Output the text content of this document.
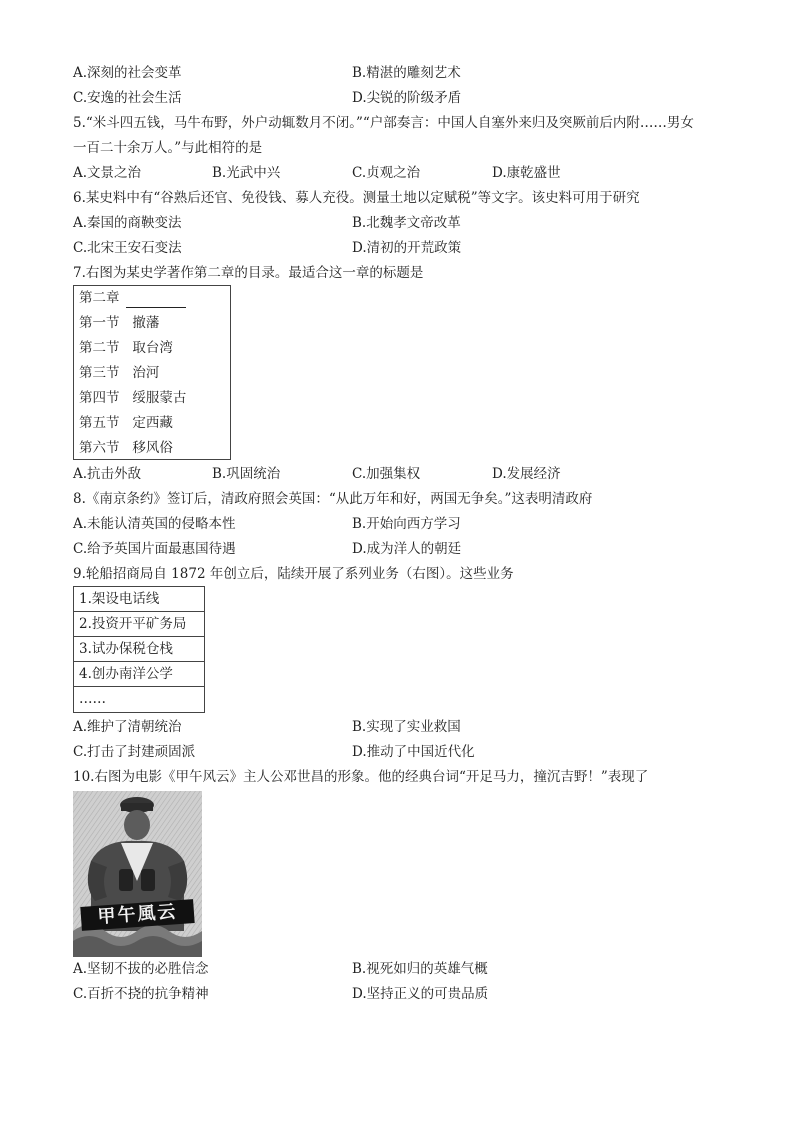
A.深刻的社会变革	B.精湛的雕刻艺术
C.安逸的社会生活	D.尖锐的阶级矛盾
5.“米斗四五钱，马牛布野，外户动辄数月不闭。”“户部奏言：中国人自塞外来归及突厥前后内附……男女
一百二十余万人。”与此相符的是
A.文景之治	B.光武中兴	C.贞观之治	D.康乾盛世
6.某史料中有“谷熟后还官、免役钱、募人充役。测量土地以定赋税”等文字。该史料可用于研究
A.秦国的商鞅变法	B.北魏孝文帝改革
C.北宋王安石变法	D.清初的开荒政策
7.右图为某史学著作第二章的目录。最适合这一章的标题是
第二章
第一节 撤藩
第二节 取台湾
第三节 治河
第四节 绥服蒙古
第五节 定西藏
第六节 移风俗
A.抗击外敌	B.巩固统治	C.加强集权	D.发展经济
8.《南京条约》签订后，清政府照会英国：“从此万年和好，两国无争矣。”这表明清政府
A.未能认清英国的侵略本性	B.开始向西方学习
C.给予英国片面最惠国待遇	D.成为洋人的朝廷
9.轮船招商局自 1872 年创立后，陆续开展了系列业务（右图）。这些业务
1.架设电话线
2.投资开平矿务局
3.试办保税仓栈
4.创办南洋公学
……
A.维护了清朝统治	B.实现了实业救国
C.打击了封建顽固派	D.推动了中国近代化
10.右图为电影《甲午风云》主人公邓世昌的形象。他的经典台词“开足马力，撞沉吉野！”表现了
甲午風云
A.坚韧不拔的必胜信念	B.视死如归的英雄气概
C.百折不挠的抗争精神	D.坚持正义的可贵品质
